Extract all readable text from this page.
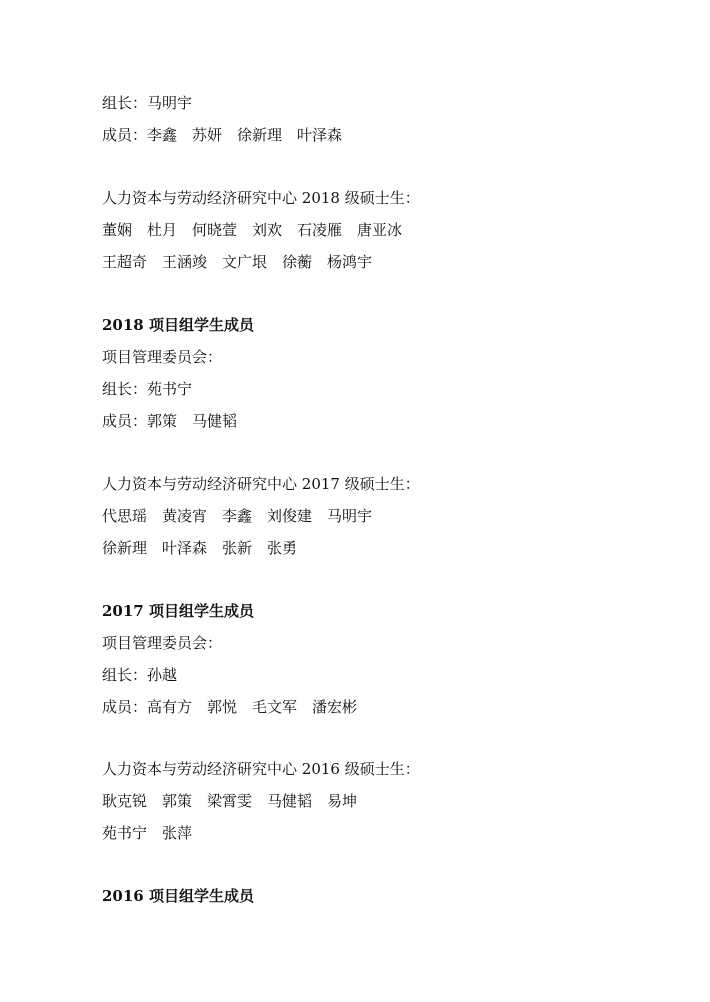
组长：马明宇
成员：李鑫　苏妍　徐新理　叶泽森
人力资本与劳动经济研究中心 2018 级硕士生：
董娴　杜月　何晓萱　刘欢　石凌雁　唐亚冰
王超奇　王涵竣　文广垠　徐蘅　杨鸿宇
2018 项目组学生成员
项目管理委员会：
组长：苑书宁
成员：郭策　马健韬
人力资本与劳动经济研究中心 2017 级硕士生：
代思瑶　黄凌宵　李鑫　刘俊建　马明宇
徐新理　叶泽森　张新　张勇
2017 项目组学生成员
项目管理委员会：
组长：孙越
成员：高有方　郭悦　毛文军　潘宏彬
人力资本与劳动经济研究中心 2016 级硕士生：
耿克锐　郭策　梁霄雯　马健韬　易坤
苑书宁　张萍
2016 项目组学生成员
